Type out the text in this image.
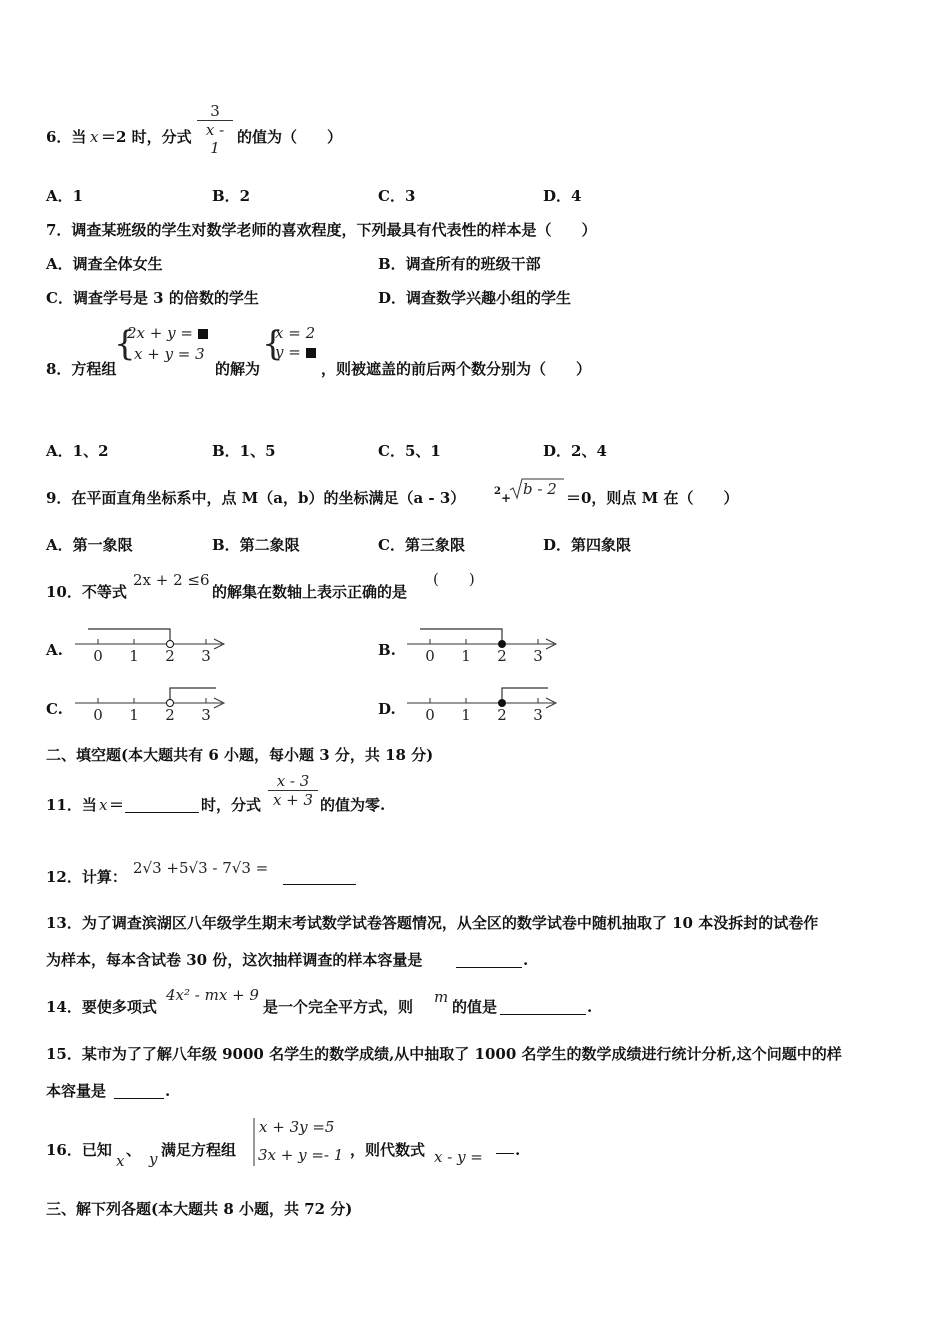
6．当 x ＝2 时，分式
3
x - 1
的值为（　　）
A．1	B．2	C．3	D．4
7．调查某班级的学生对数学老师的喜欢程度，下列最具有代表性的样本是（　　）
A．调查全体女生	B．调查所有的班级干部
C．调查学号是 3 的倍数的学生	D．调查数学兴趣小组的学生
8．方程组
{
2x + y =
x + y = 3
的解为
{
x = 2
y =
，则被遮盖的前后两个数分别为（　　）
A．1、2	B．1、5	C．5、1	D．2、4
9．在平面直角坐标系中，点 M（a，b）的坐标满足（a - 3）	2 + b - 2 ＝0，则点 M 在（　　）
A．第一象限	B．第二象限	C．第三象限	D．第四象限
10．不等式
2x + 2 ≤6
的解集在数轴上表示正确的是
(　　)
A.	B.
C.	D.
0 1 2 3	0 1 2 3
0 1 2 3	0 1 2 3
二、填空题(本大题共有 6 小题，每小题 3 分，共 18 分)
11．当 x ＝	时，分式
x - 3
x + 3 的值为零.
12．计算： 2√3 +5√3 - 7√3 =
13．为了调查滨湖区八年级学生期末考试数学试卷答题情况，从全区的数学试卷中随机抽取了 10 本没拆封的试卷作
为样本，每本含试卷 30 份，这次抽样调查的样本容量是	.
14．要使多项式
4x² - mx + 9
是一个完全平方式，则
m
的值是	.
15．某市为了了解八年级 9000 名学生的数学成绩,从中抽取了 1000 名学生的数学成绩进行统计分析,这个问题中的样
本容量是	.
16．已知
x
、 y 满足方程组
x + 3y =5
3x + y =- 1 ，则代数式 x - y = .
三、解下列各题(本大题共 8 小题，共 72 分)
